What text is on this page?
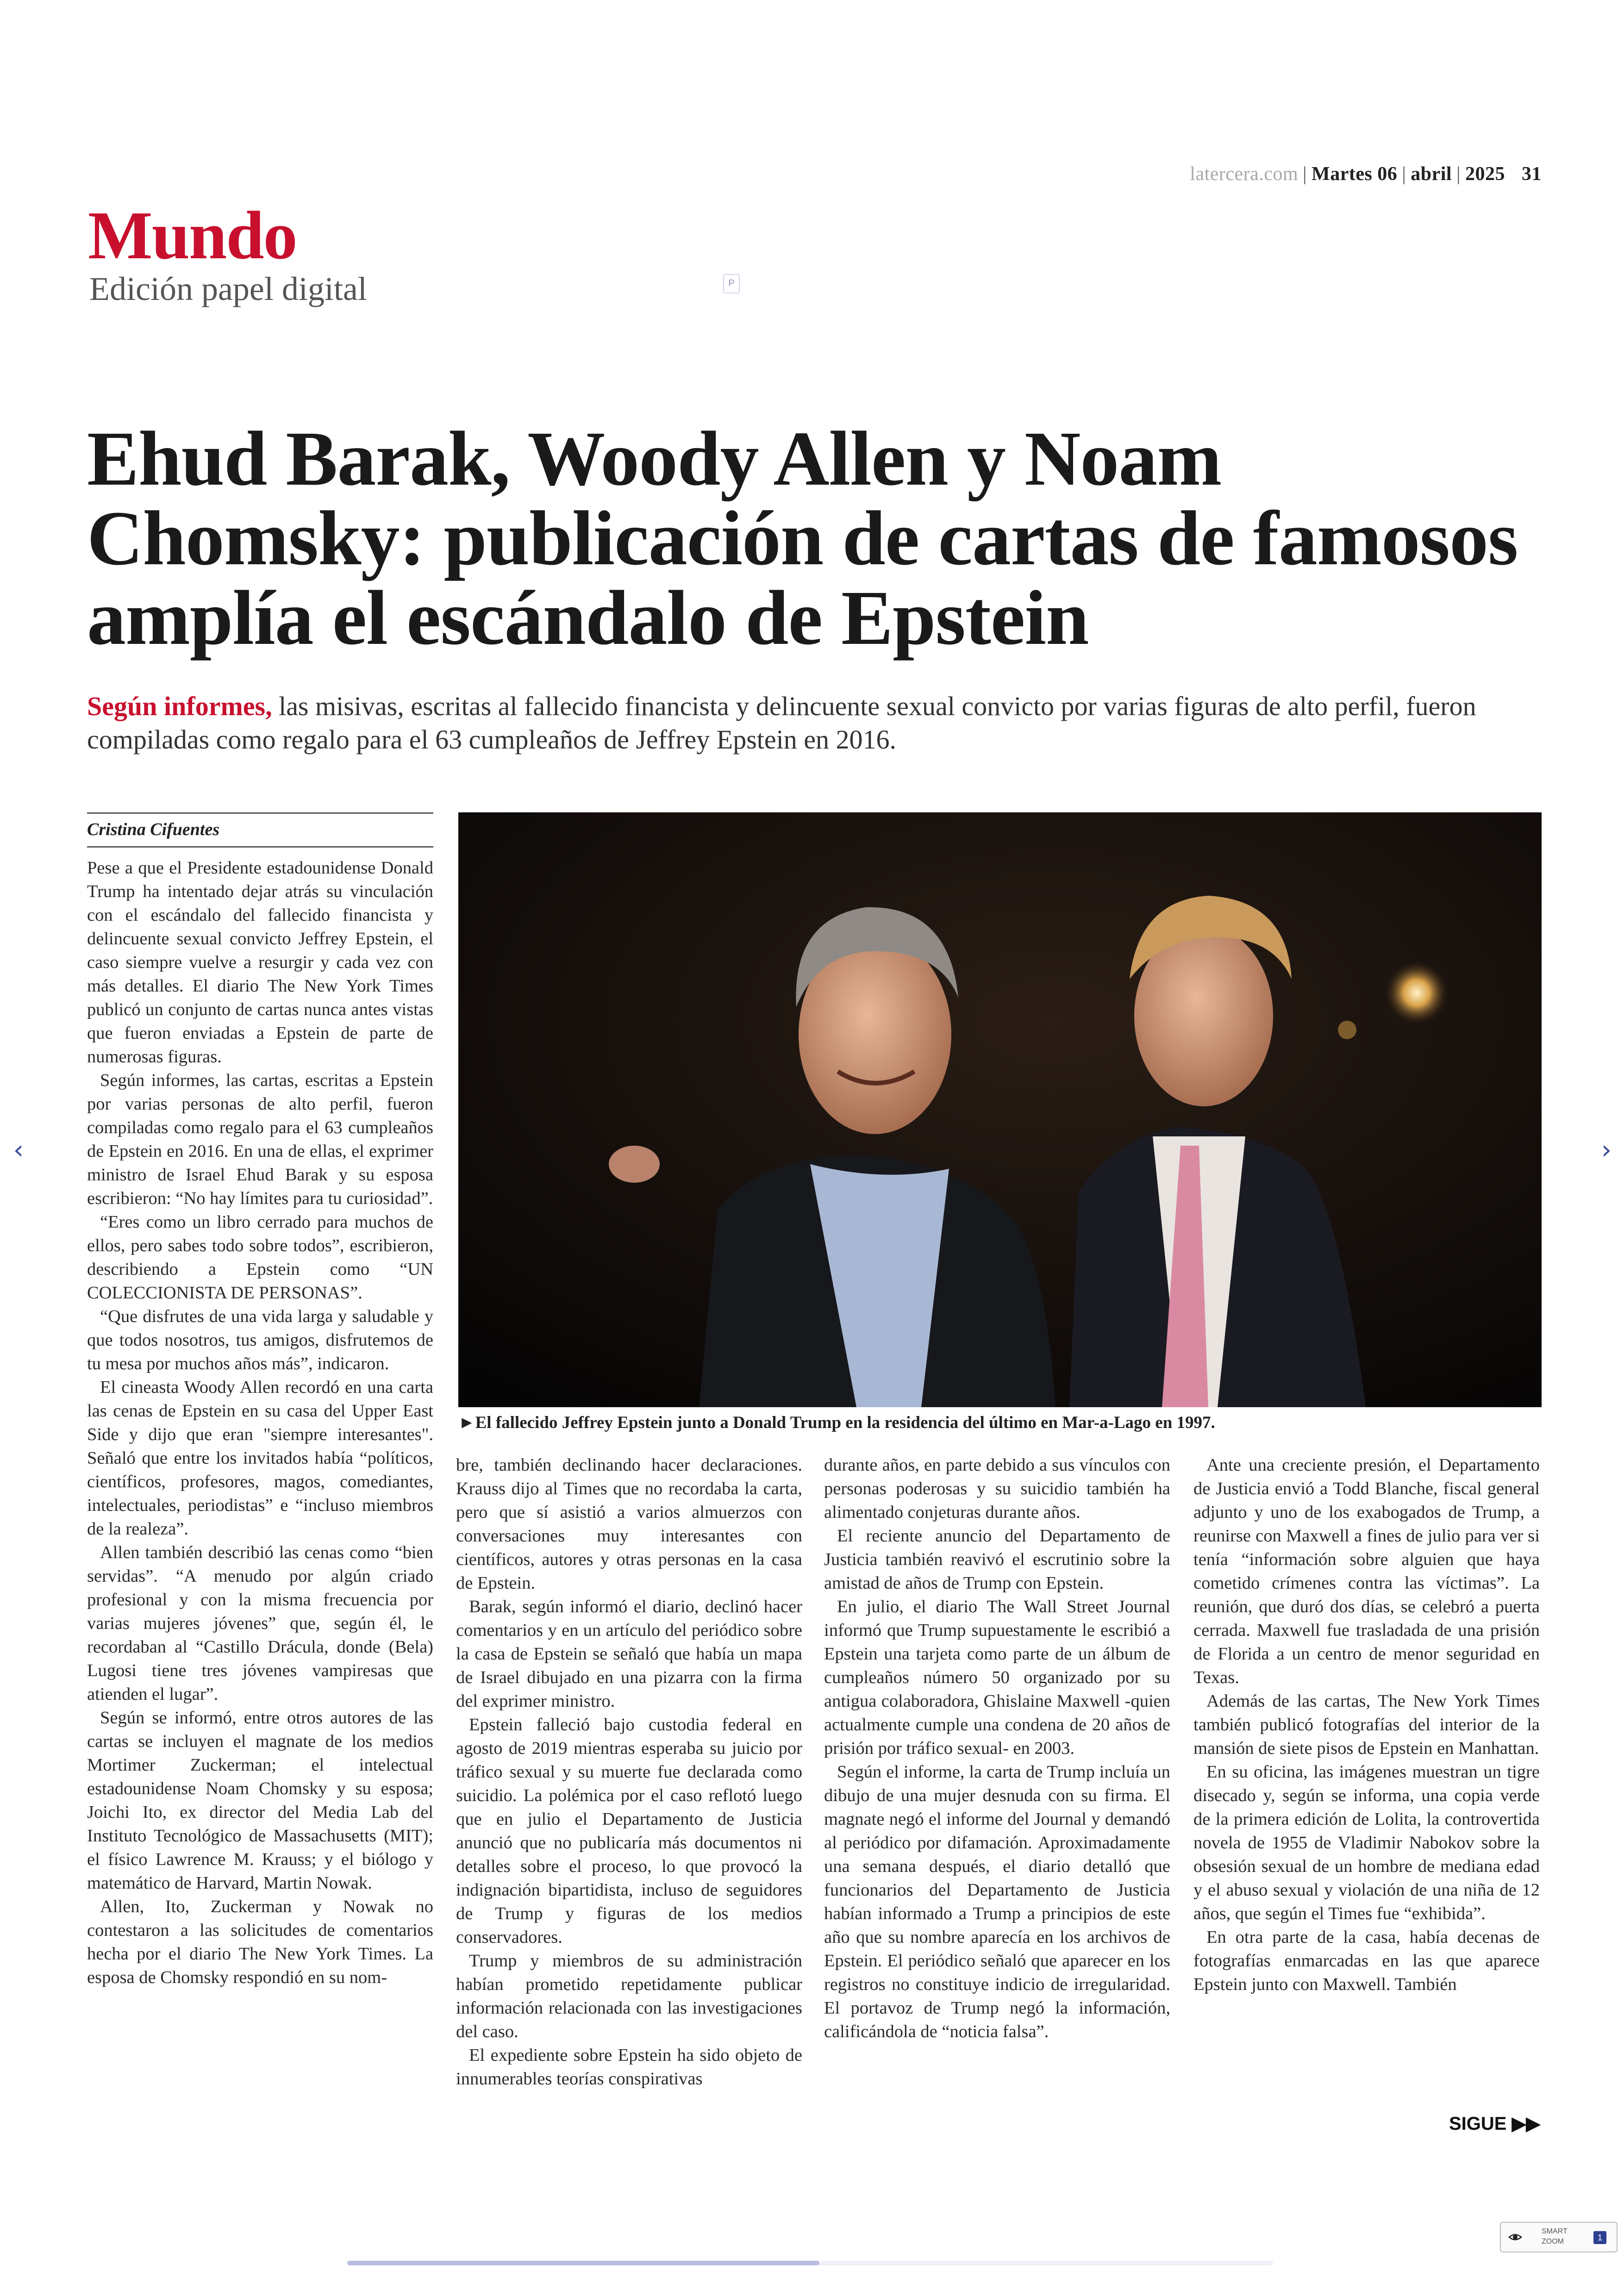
latercera.com | Martes 06 | abril | 2025 31
Mundo
Edición papel digital	P
Ehud Barak, Woody Allen y Noam Chomsky: publicación de cartas de famosos amplía el escándalo de Epstein
Según informes, las misivas, escritas al fallecido financista y delincuente sexual convicto por varias figuras de alto perfil, fueron compiladas como regalo para el 63 cumpleaños de Jeffrey Epstein en 2016.
Cristina Cifuentes
►El fallecido Jeffrey Epstein junto a Donald Trump en la residencia del último en Mar-a-Lago en 1997.

Pese a que el Presidente estadounidense Donald Trump ha intentado dejar atrás su vinculación con el escándalo del fallecido financista y delincuente sexual convicto Jeffrey Epstein, el caso siempre vuelve a resurgir y cada vez con más detalles. El diario The New York Times publicó un conjunto de cartas nunca antes vistas que fueron enviadas a Epstein de parte de numerosas figuras.

Según informes, las cartas, escritas a Epstein por varias personas de alto perfil, fueron compiladas como regalo para el 63 cumpleaños de Epstein en 2016. En una de ellas, el exprimer ministro de Israel Ehud Barak y su esposa escribieron: “No hay límites para tu curiosidad”.

“Eres como un libro cerrado para muchos de ellos, pero sabes todo sobre todos”, escribieron, describiendo a Epstein como “UN COLECCIONISTA DE PERSONAS”.

“Que disfrutes de una vida larga y saludable y que todos nosotros, tus amigos, disfrutemos de tu mesa por muchos años más”, indicaron.

El cineasta Woody Allen recordó en una carta las cenas de Epstein en su casa del Upper East Side y dijo que eran "siempre interesantes". Señaló que entre los invitados había “políticos, científicos, profesores, magos, comediantes, intelectuales, periodistas” e “incluso miembros de la realeza”.

Allen también describió las cenas como “bien servidas”. “A menudo por algún criado profesional y con la misma frecuencia por varias mujeres jóvenes” que, según él, le recordaban al “Castillo Drácula, donde (Bela) Lugosi tiene tres jóvenes vampiresas que atienden el lugar”.

Según se informó, entre otros autores de las cartas se incluyen el magnate de los medios Mortimer Zuckerman; el intelectual estadounidense Noam Chomsky y su esposa; Joichi Ito, ex director del Media Lab del Instituto Tecnológico de Massachusetts (MIT); el físico Lawrence M. Krauss; y el biólogo y matemático de Harvard, Martin Nowak.

Allen, Ito, Zuckerman y Nowak no contestaron a las solicitudes de comentarios hecha por el diario The New York Times. La esposa de Chomsky respondió en su nom-

bre, también declinando hacer declaraciones. Krauss dijo al Times que no recordaba la carta, pero que sí asistió a varios almuerzos con conversaciones muy interesantes con científicos, autores y otras personas en la casa de Epstein.

Barak, según informó el diario, declinó hacer comentarios y en un artículo del periódico sobre la casa de Epstein se señaló que había un mapa de Israel dibujado en una pizarra con la firma del exprimer ministro.

Epstein falleció bajo custodia federal en agosto de 2019 mientras esperaba su juicio por tráfico sexual y su muerte fue declarada como suicidio. La polémica por el caso reflotó luego que en julio el Departamento de Justicia anunció que no publicaría más documentos ni detalles sobre el proceso, lo que provocó la indignación bipartidista, incluso de seguidores de Trump y figuras de los medios conservadores.

Trump y miembros de su administración habían prometido repetidamente publicar información relacionada con las investigaciones del caso.

El expediente sobre Epstein ha sido objeto de innumerables teorías conspirativas

durante años, en parte debido a sus vínculos con personas poderosas y su suicidio también ha alimentado conjeturas durante años.

El reciente anuncio del Departamento de Justicia también reavivó el escrutinio sobre la amistad de años de Trump con Epstein.

En julio, el diario The Wall Street Journal informó que Trump supuestamente le escribió a Epstein una tarjeta como parte de un álbum de cumpleaños número 50 organizado por su antigua colaboradora, Ghislaine Maxwell -quien actualmente cumple una condena de 20 años de prisión por tráfico sexual- en 2003.

Según el informe, la carta de Trump incluía un dibujo de una mujer desnuda con su firma. El magnate negó el informe del Journal y demandó al periódico por difamación. Aproximadamente una semana después, el diario detalló que funcionarios del Departamento de Justicia habían informado a Trump a principios de este año que su nombre aparecía en los archivos de Epstein. El periódico señaló que aparecer en los registros no constituye indicio de irregularidad. El portavoz de Trump negó la información, calificándola de “noticia falsa”.

Ante una creciente presión, el Departamento de Justicia envió a Todd Blanche, fiscal general adjunto y uno de los exabogados de Trump, a reunirse con Maxwell a fines de julio para ver si tenía “información sobre alguien que haya cometido crímenes contra las víctimas”. La reunión, que duró dos días, se celebró a puerta cerrada. Maxwell fue trasladada de una prisión de Florida a un centro de menor seguridad en Texas.

Además de las cartas, The New York Times también publicó fotografías del interior de la mansión de siete pisos de Epstein en Manhattan.

En su oficina, las imágenes muestran un tigre disecado y, según se informa, una copia verde de la primera edición de Lolita, la controvertida novela de 1955 de Vladimir Nabokov sobre la obsesión sexual de un hombre de mediana edad y el abuso sexual y violación de una niña de 12 años, que según el Times fue “exhibida”.

En otra parte de la casa, había decenas de fotografías enmarcadas en las que aparece Epstein junto con Maxwell. También

SIGUE ▶▶
‹	›
SMART
ZOOM	1
